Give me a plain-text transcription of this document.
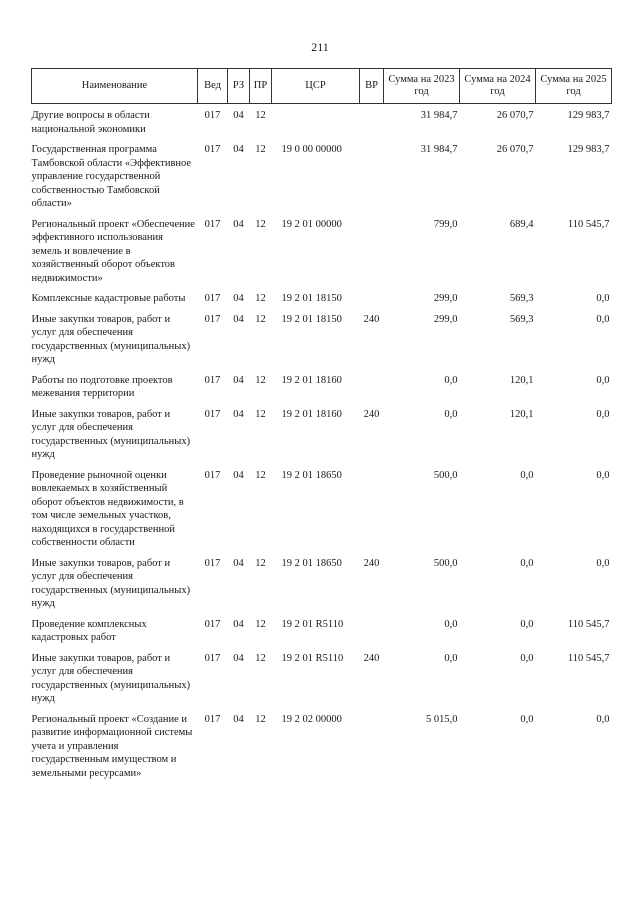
211
Наименование	Вед	РЗ	ПР	ЦСР	ВР	Сумма на 2023 год	Сумма на 2024 год	Сумма на 2025 год
Другие вопросы в области национальной экономики	017	04	12			31 984,7	26 070,7	129 983,7
Государственная программа Тамбовской области «Эффективное управление государственной собственностью Тамбовской области»	017	04	12	19 0 00 00000		31 984,7	26 070,7	129 983,7
Региональный проект «Обеспечение эффективного использования земель и вовлечение в хозяйственный оборот объектов недвижимости»	017	04	12	19 2 01 00000		799,0	689,4	110 545,7
Комплексные кадастровые работы	017	04	12	19 2 01 18150		299,0	569,3	0,0
Иные закупки товаров, работ и услуг для обеспечения государственных (муниципальных) нужд	017	04	12	19 2 01 18150	240	299,0	569,3	0,0
Работы по подготовке проектов межевания территории	017	04	12	19 2 01 18160		0,0	120,1	0,0
Иные закупки товаров, работ и услуг для обеспечения государственных (муниципальных) нужд	017	04	12	19 2 01 18160	240	0,0	120,1	0,0
Проведение рыночной оценки вовлекаемых в хозяйственный оборот объектов недвижимости, в том числе земельных участков, находящихся в государственной собственности области	017	04	12	19 2 01 18650		500,0	0,0	0,0
Иные закупки товаров, работ и услуг для обеспечения государственных (муниципальных) нужд	017	04	12	19 2 01 18650	240	500,0	0,0	0,0
Проведение комплексных кадастровых работ	017	04	12	19 2 01 R5110		0,0	0,0	110 545,7
Иные закупки товаров, работ и услуг для обеспечения государственных (муниципальных) нужд	017	04	12	19 2 01 R5110	240	0,0	0,0	110 545,7
Региональный проект «Создание и развитие информационной системы учета и управления государственным имуществом и земельными ресурсами»	017	04	12	19 2 02 00000		5 015,0	0,0	0,0
